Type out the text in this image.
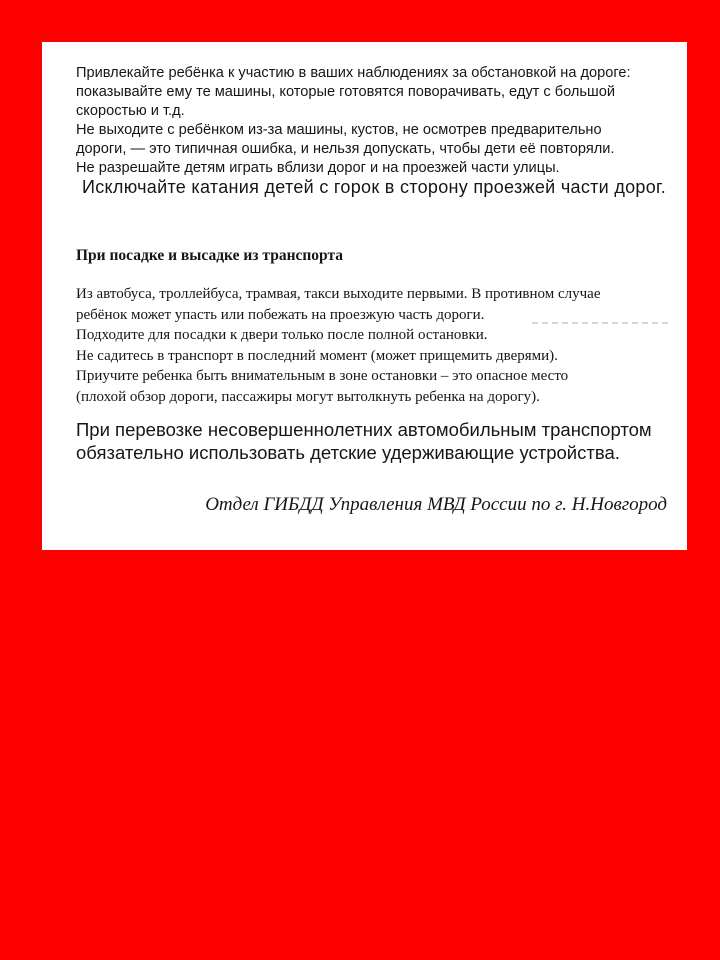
Привлекайте ребёнка к участию в ваших наблюдениях за обстановкой на дороге:
показывайте ему те машины, которые готовятся поворачивать, едут с большой
скоростью и т.д.
Не выходите с ребёнком из-за машины, кустов, не осмотрев предварительно
дороги, — это типичная ошибка, и нельзя допускать, чтобы дети её повторяли.
Не разрешайте детям играть вблизи дорог и на проезжей части улицы.
Исключайте катания детей с горок в сторону проезжей части дорог.
При посадке и высадке из транспорта
Из автобуса, троллейбуса, трамвая, такси выходите первыми. В противном случае
ребёнок может упасть или побежать на проезжую часть дороги.
Подходите для посадки к двери только после полной остановки.
Не садитесь в транспорт в последний момент (может прищемить дверями).
Приучите ребенка быть внимательным в зоне остановки – это опасное место
(плохой обзор дороги, пассажиры могут вытолкнуть ребенка на дорогу).
При перевозке несовершеннолетних автомобильным транспортом
обязательно использовать детские удерживающие устройства.
Отдел ГИБДД Управления МВД России по г. Н.Новгород
